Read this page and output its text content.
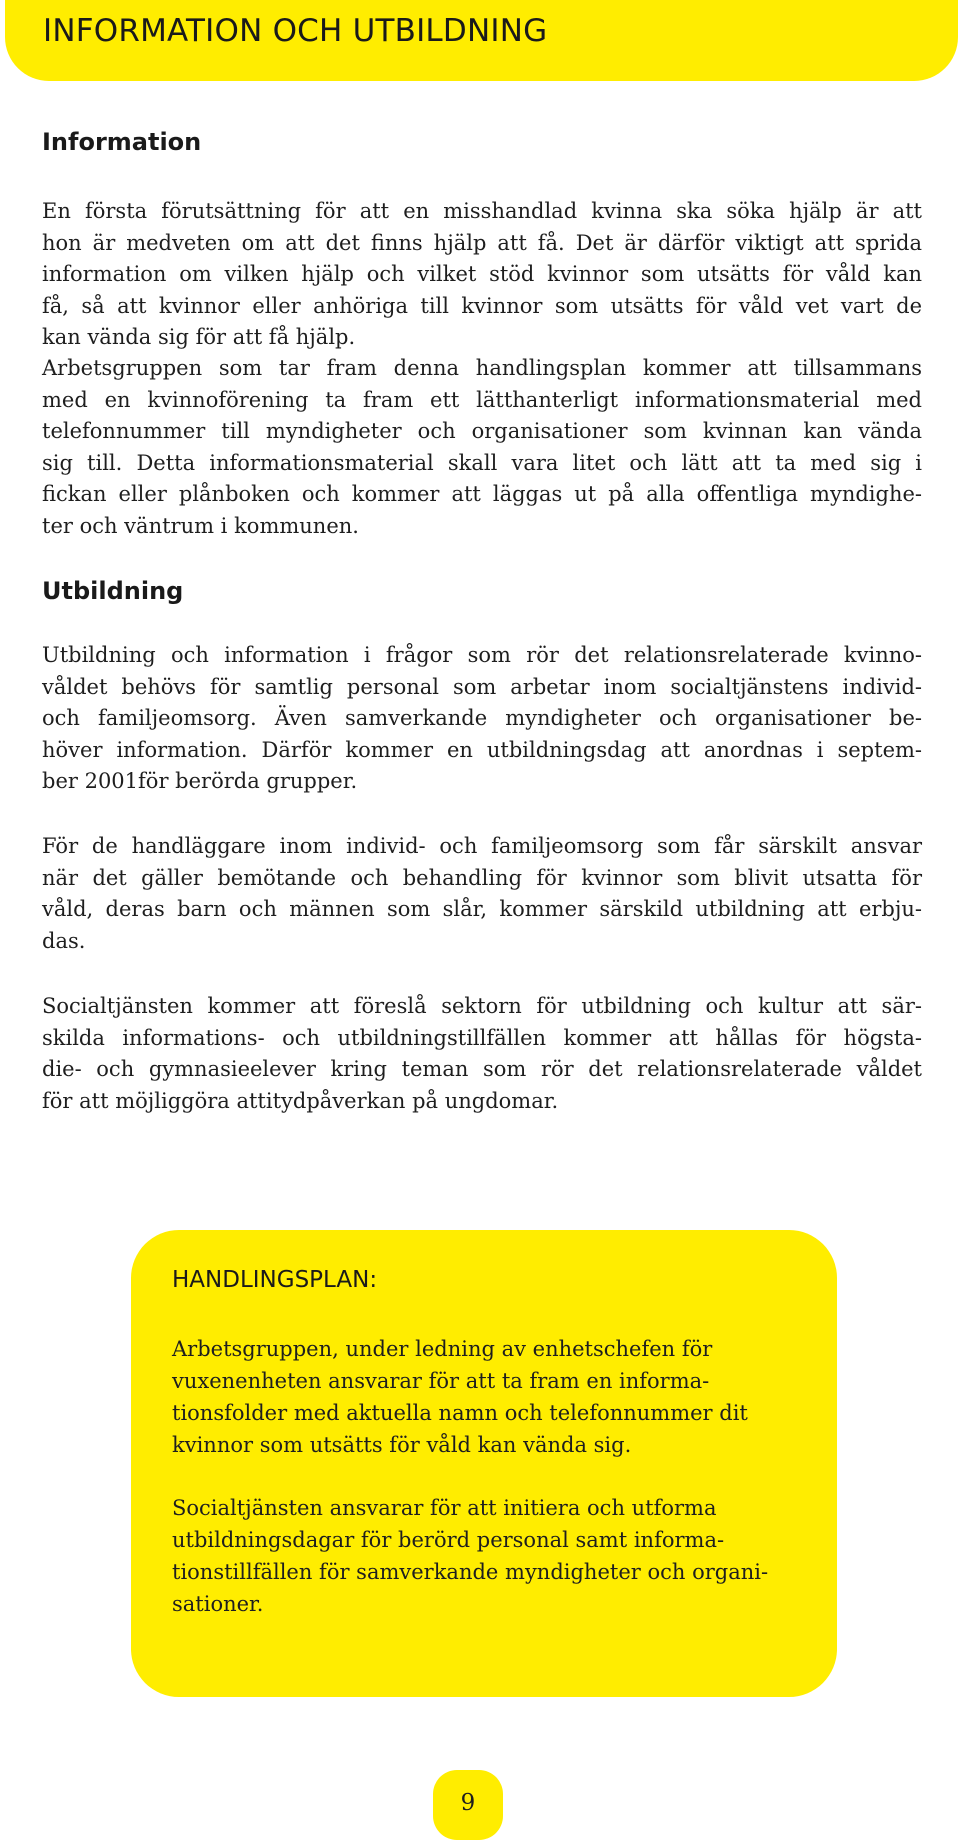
INFORMATION OCH UTBILDNING
Information
En första förutsättning för att en misshandlad kvinna ska söka hjälp är att
hon är medveten om att det finns hjälp att få. Det är därför viktigt att sprida
information om vilken hjälp och vilket stöd kvinnor som utsätts för våld kan
få, så att kvinnor eller anhöriga till kvinnor som utsätts för våld vet vart de
kan vända sig för att få hjälp.
Arbetsgruppen som tar fram denna handlingsplan kommer att tillsammans
med en kvinnoförening ta fram ett lätthanterligt informationsmaterial med
telefonnummer till myndigheter och organisationer som kvinnan kan vända
sig till. Detta informationsmaterial skall vara litet och lätt att ta med sig i
fickan eller plånboken och kommer att läggas ut på alla offentliga myndighe-
ter och väntrum i kommunen.
Utbildning
Utbildning och information i frågor som rör det relationsrelaterade kvinno-
våldet behövs för samtlig personal som arbetar inom socialtjänstens individ-
och familjeomsorg. Även samverkande myndigheter och organisationer be-
höver information. Därför kommer en utbildningsdag att anordnas i septem-
ber 2001för berörda grupper.
För de handläggare inom individ- och familjeomsorg som får särskilt ansvar
när det gäller bemötande och behandling för kvinnor som blivit utsatta för
våld, deras barn och männen som slår, kommer särskild utbildning att erbju-
das.
Socialtjänsten kommer att föreslå sektorn för utbildning och kultur att sär-
skilda informations- och utbildningstillfällen kommer att hållas för högsta-
die- och gymnasieelever kring teman som rör det relationsrelaterade våldet
för att möjliggöra attitydpåverkan på ungdomar.
HANDLINGSPLAN:
Arbetsgruppen, under ledning av enhetschefen för
vuxenenheten ansvarar för att ta fram en informa-
tionsfolder med aktuella namn och telefonnummer dit
kvinnor som utsätts för våld kan vända sig.
Socialtjänsten ansvarar för att initiera och utforma
utbildningsdagar för berörd personal samt informa-
tionstillfällen för samverkande myndigheter och organi-
sationer.
9
